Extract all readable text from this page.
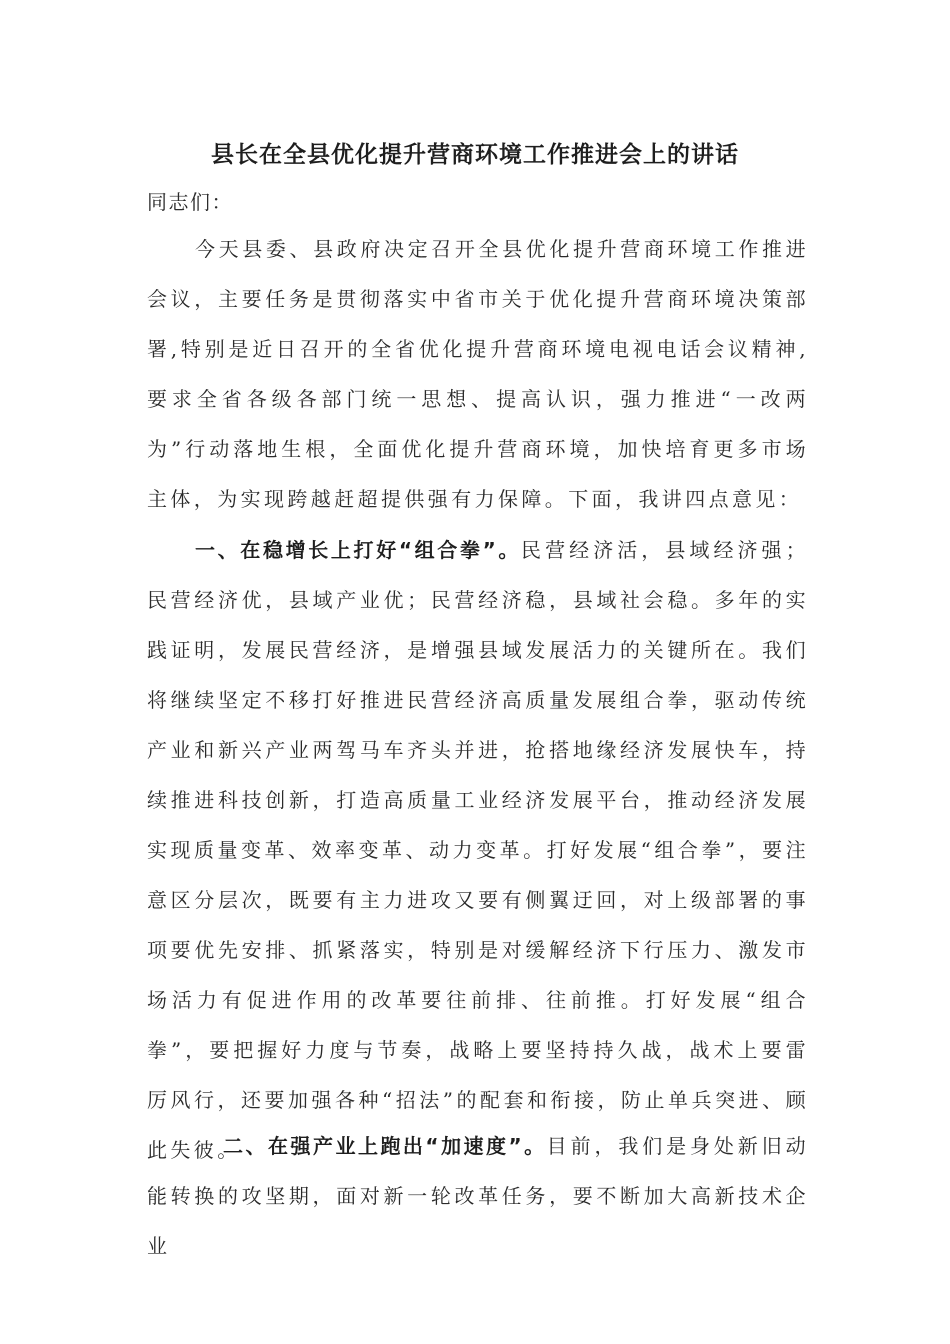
县长在全县优化提升营商环境工作推进会上的讲话
同志们：

今天县委、县政府决定召开全县优化提升营商环境工作推进会议，主要任务是贯彻落实中省市关于优化提升营商环境决策部署,特别是近日召开的全省优化提升营商环境电视电话会议精神,要求全省各级各部门统一思想、提高认识，强力推进“一改两为”行动落地生根，全面优化提升营商环境，加快培育更多市场主体，为实现跨越赶超提供强有力保障。下面，我讲四点意见：

一、在稳增长上打好“组合拳”。民营经济活，县域经济强；民营经济优，县域产业优；民营经济稳，县域社会稳。多年的实践证明，发展民营经济，是增强县域发展活力的关键所在。我们将继续坚定不移打好推进民营经济高质量发展组合拳，驱动传统产业和新兴产业两驾马车齐头并进，抢搭地缘经济发展快车，持续推进科技创新，打造高质量工业经济发展平台，推动经济发展实现质量变革、效率变革、动力变革。打好发展“组合拳”，要注意区分层次，既要有主力进攻又要有侧翼迂回，对上级部署的事项要优先安排、抓紧落实，特别是对缓解经济下行压力、激发市场活力有促进作用的改革要往前排、往前推。打好发展“组合拳”，要把握好力度与节奏，战略上要坚持持久战，战术上要雷厉风行，还要加强各种“招法”的配套和衔接，防止单兵突进、顾此失彼。

二、在强产业上跑出“加速度”。目前，我们是身处新旧动能转换的攻坚期，面对新一轮改革任务，要不断加大高新技术企业
